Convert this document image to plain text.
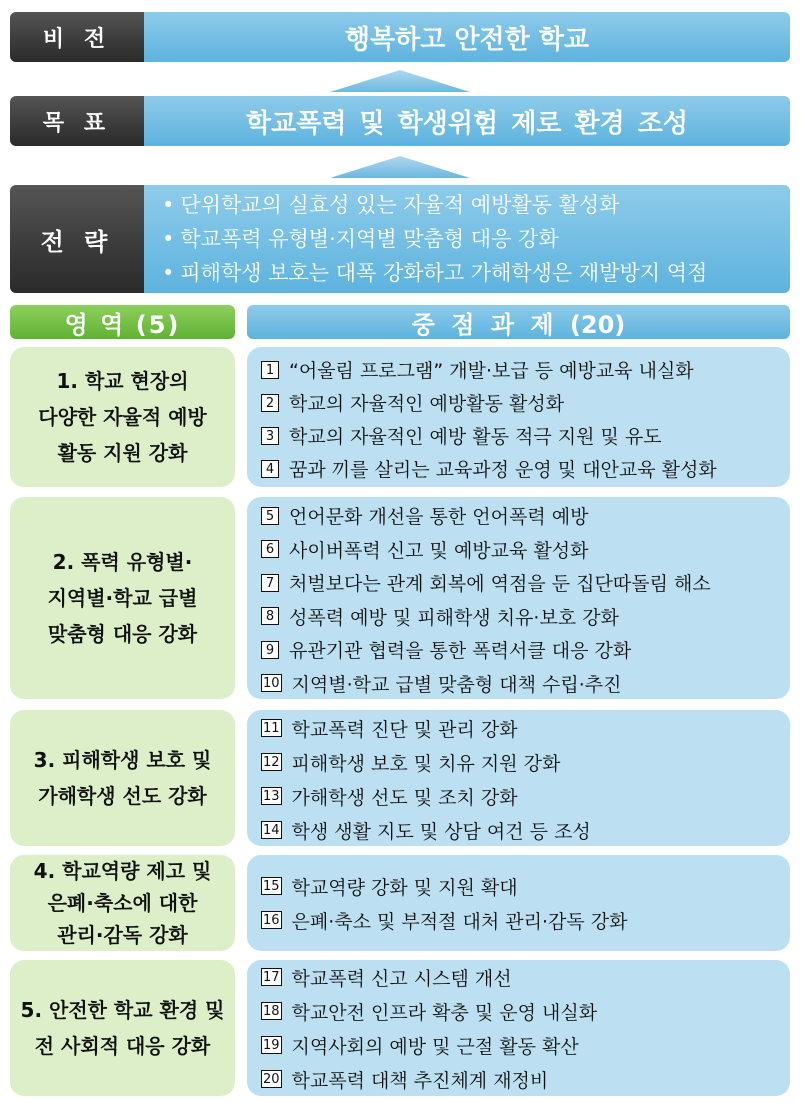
비 전	행복하고 안전한 학교
목 표	학교폭력 및 학생위험 제로 환경 조성
전 략
• 단위학교의 실효성 있는 자율적 예방활동 활성화
• 학교폭력 유형별·지역별 맞춤형 대응 강화
• 피해학생 보호는 대폭 강화하고 가해학생은 재발방지 역점
영 역 (5)	중 점 과 제 (20)
1. 학교 현장의
다양한 자율적 예방
활동 지원 강화
1 “어울림 프로그램” 개발·보급 등 예방교육 내실화
2 학교의 자율적인 예방활동 활성화
3 학교의 자율적인 예방 활동 적극 지원 및 유도
4 꿈과 끼를 살리는 교육과정 운영 및 대안교육 활성화
2. 폭력 유형별·
지역별·학교 급별
맞춤형 대응 강화
5 언어문화 개선을 통한 언어폭력 예방
6 사이버폭력 신고 및 예방교육 활성화
7 처벌보다는 관계 회복에 역점을 둔 집단따돌림 해소
8 성폭력 예방 및 피해학생 치유·보호 강화
9 유관기관 협력을 통한 폭력서클 대응 강화
10 지역별·학교 급별 맞춤형 대책 수립·추진
3. 피해학생 보호 및
가해학생 선도 강화
11 학교폭력 진단 및 관리 강화
12 피해학생 보호 및 치유 지원 강화
13 가해학생 선도 및 조치 강화
14 학생 생활 지도 및 상담 여건 등 조성
4. 학교역량 제고 및
은폐·축소에 대한
관리·감독 강화
15 학교역량 강화 및 지원 확대
16 은폐·축소 및 부적절 대처 관리·감독 강화
5. 안전한 학교 환경 및
전 사회적 대응 강화
17 학교폭력 신고 시스템 개선
18 학교안전 인프라 확충 및 운영 내실화
19 지역사회의 예방 및 근절 활동 확산
20 학교폭력 대책 추진체계 재정비
